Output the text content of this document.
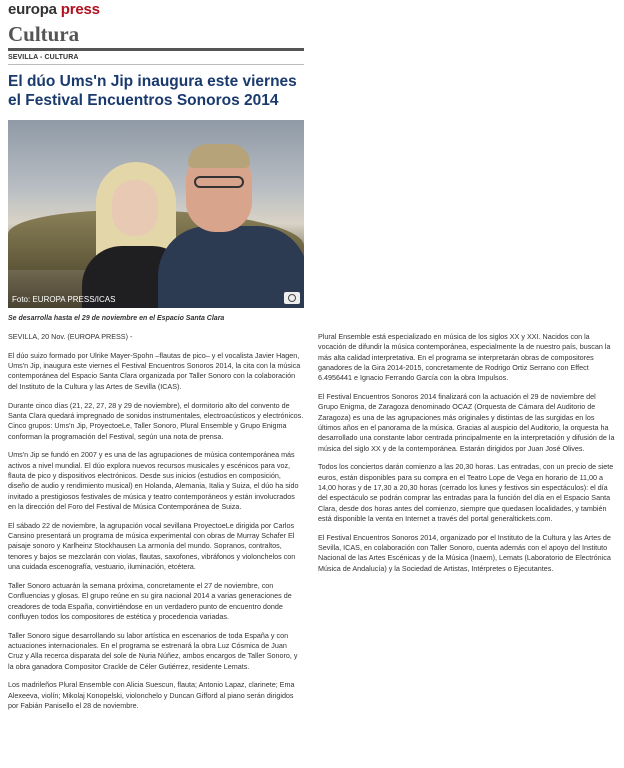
europa press
Cultura
SEVILLA - CULTURA
El dúo Ums'n Jip inaugura este viernes el Festival Encuentros Sonoros 2014
Foto: EUROPA PRESS/ICAS
Se desarrolla hasta el 29 de noviembre en el Espacio Santa Clara

SEVILLA, 20 Nov. (EUROPA PRESS) -

El dúo suizo formado por Ulrike Mayer-Spohn –flautas de pico– y el vocalista Javier Hagen, Ums'n Jip, inaugura este viernes el Festival Encuentros Sonoros 2014, la cita con la música contemporánea del Espacio Santa Clara organizada por Taller Sonoro con la colaboración del Instituto de la Cultura y las Artes de Sevilla (ICAS).

Durante cinco días (21, 22, 27, 28 y 29 de noviembre), el dormitorio alto del convento de Santa Clara quedará impregnado de sonidos instrumentales, electroacústicos y electrónicos. Cinco grupos: Ums'n Jip, ProyectoeLe, Taller Sonoro, Plural Ensemble y Grupo Enigma conforman la programación del Festival, según una nota de prensa.

Ums'n Jip se fundó en 2007 y es una de las agrupaciones de música contemporánea más activos a nivel mundial. El dúo explora nuevos recursos musicales y escénicos para voz, flauta de pico y dispositivos electrónicos. Desde sus inicios (estudios en composición, diseño de audio y rendimiento musical) en Holanda, Alemania, Italia y Suiza, el dúo ha sido invitado a prestigiosos festivales de música y teatro contemporáneos y están involucrados en la dirección del Foro del Festival de Música Contemporánea de Suiza.

El sábado 22 de noviembre, la agrupación vocal sevillana ProyectoeLe dirigida por Carlos Cansino presentará un programa de música experimental con obras de Murray Schafer El paisaje sonoro y Karlheinz Stockhausen La armonía del mundo. Sopranos, contraltos, tenores y bajos se mezclarán con violas, flautas, saxofones, vibráfonos y violonchelos con una cuidada escenografía, vestuario, iluminación, etcétera.

Taller Sonoro actuarán la semana próxima, concretamente el 27 de noviembre, con Confluencias y glosas. El grupo reúne en su gira nacional 2014 a varias generaciones de creadores de toda España, convirtiéndose en un verdadero punto de encuentro donde confluyen todos los compositores de estética y procedencia variadas.

Taller Sonoro sigue desarrollando su labor artística en escenarios de toda España y con actuaciones internacionales. En el programa se estrenará la obra Luz Cósmica de Juan Cruz y Alla recerca disparata del sole de Nuria Núñez, ambos encargos de Taller Sonoro, y la obra ganadora Compositor Crackle de Céler Gutiérrez, residente Lemats.

Los madrileños Plural Ensemble con Alicia Suescun, flauta; Antonio Lapaz, clarinete; Ema Alexeeva, violín; Mikolaj Konopelski, violonchelo y Duncan Gifford al piano serán dirigidos por Fabián Panisello el 28 de noviembre.

Plural Ensemble está especializado en música de los siglos XX y XXI. Nacidos con la vocación de difundir la música contemporánea, especialmente la de nuestro país, buscan la más alta calidad interpretativa. En el programa se interpretarán obras de compositores ganadores de la Gira 2014-2015, concretamente de Rodrigo Ortiz Serrano con Effect 6.4956441 e Ignacio Ferrando García con la obra Impulsos.

El Festival Encuentros Sonoros 2014 finalizará con la actuación el 29 de noviembre del Grupo Enigma, de Zaragoza denominado OCAZ (Orquesta de Cámara del Auditorio de Zaragoza) es una de las agrupaciones más originales y distintas de las surgidas en los últimos años en el panorama de la música. Gracias al auspicio del Auditorio, la orquesta ha desarrollado una constante labor centrada principalmente en la interpretación y difusión de la música del siglo XX y de la contemporánea. Estarán dirigidos por Juan José Olives.

Todos los conciertos darán comienzo a las 20,30 horas. Las entradas, con un precio de siete euros, están disponibles para su compra en el Teatro Lope de Vega en horario de 11,00 a 14,00 horas y de 17,30 a 20,30 horas (cerrado los lunes y festivos sin espectáculos): el día del espectáculo se podrán comprar las entradas para la función del día en el Espacio Santa Clara, desde dos horas antes del comienzo, siempre que quedasen localidades, y también está disponible la venta en Internet a través del portal generaltickets.com.

El Festival Encuentros Sonoros 2014, organizado por el Instituto de la Cultura y las Artes de Sevilla, ICAS, en colaboración con Taller Sonoro, cuenta además con el apoyo del Instituto Nacional de las Artes Escénicas y de la Música (Inaem), Lemats (Laboratorio de Electrónica Música de Andalucía) y la Sociedad de Artistas, Intérpretes o Ejecutantes.
